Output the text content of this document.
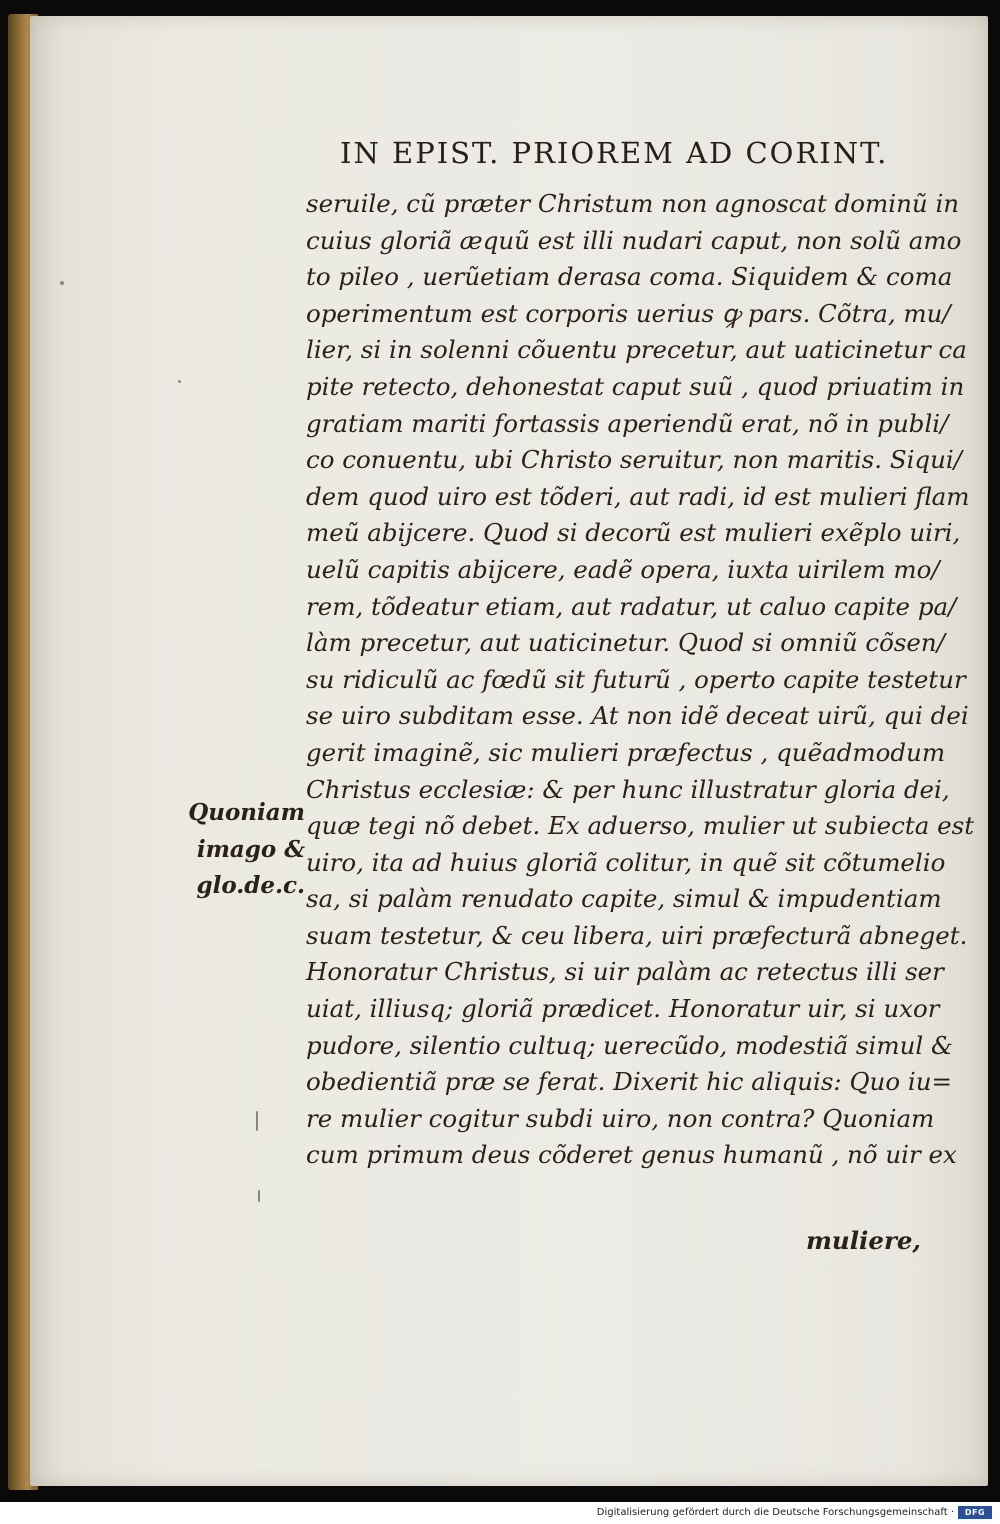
IN EPIST. PRIOREM AD CORINT.
seruile, cũ præter Christum non agnoscat dominũ in
cuius gloriã æquũ est illi nudari caput, non solũ amo
to pileo , uerũetiam derasa coma. Siquidem & coma
operimentum est corporis uerius ꝙ pars. Cõtra, mu/
lier, si in solenni cõuentu precetur, aut uaticinetur ca
pite retecto, dehonestat caput suũ , quod priuatim in
gratiam mariti fortassis aperiendũ erat, nõ in publi/
co conuentu, ubi Christo seruitur, non maritis. Siqui/
dem quod uiro est tõderi, aut radi, id est mulieri flam
meũ abijcere. Quod si decorũ est mulieri exẽplo uiri,
uelũ capitis abijcere, eadẽ opera, iuxta uirilem mo/
rem, tõdeatur etiam, aut radatur, ut caluo capite pa/
làm precetur, aut uaticinetur. Quod si omniũ cõsen/
su ridiculũ ac fœdũ sit futurũ , operto capite testetur
se uiro subditam esse. At non idẽ deceat uirũ, qui dei
gerit imaginẽ, sic mulieri præfectus , quẽadmodum
Christus ecclesiæ: & per hunc illustratur gloria dei,
quæ tegi nõ debet. Ex aduerso, mulier ut subiecta est
uiro, ita ad huius gloriã colitur, in quẽ sit cõtumelio
sa, si palàm renudato capite, simul & impudentiam
suam testetur, & ceu libera, uiri præfecturã abneget.
Honoratur Christus, si uir palàm ac retectus illi ser
uiat, illiusq; gloriã prædicet. Honoratur uir, si uxor
pudore, silentio cultuq; uerecũdo, modestiã simul &
obedientiã præ se ferat. Dixerit hic aliquis: Quo iu=
re mulier cogitur subdi uiro, non contra? Quoniam
cum primum deus cõderet genus humanũ , nõ uir ex
muliere,
Quoniam
imago &
glo.de.c.
Digitalisierung gefördert durch die Deutsche Forschungsgemeinschaft ·	DFG
